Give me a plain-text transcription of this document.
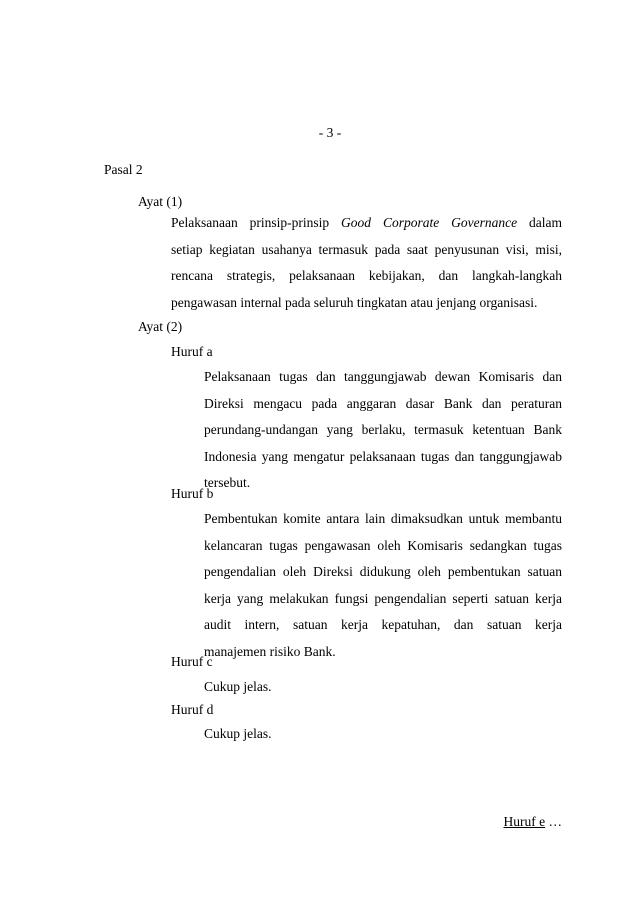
- 3 -
Pasal 2
Ayat (1)
Pelaksanaan prinsip-prinsip Good Corporate Governance dalam
setiap kegiatan usahanya termasuk pada saat penyusunan visi, misi,
rencana strategis, pelaksanaan kebijakan, dan langkah-langkah
pengawasan internal pada seluruh tingkatan atau jenjang organisasi.
Ayat (2)
Huruf a
Pelaksanaan tugas dan tanggungjawab dewan Komisaris dan
Direksi mengacu pada anggaran dasar Bank dan peraturan
perundang-undangan yang berlaku, termasuk ketentuan Bank
Indonesia yang mengatur pelaksanaan tugas dan tanggungjawab
tersebut.
Huruf b
Pembentukan komite antara lain dimaksudkan untuk membantu
kelancaran tugas pengawasan oleh Komisaris sedangkan tugas
pengendalian oleh Direksi didukung oleh pembentukan satuan
kerja yang melakukan fungsi pengendalian seperti satuan kerja
audit intern, satuan kerja kepatuhan, dan satuan kerja
manajemen risiko Bank.
Huruf c
Cukup jelas.
Huruf d
Cukup jelas.
Huruf e …
